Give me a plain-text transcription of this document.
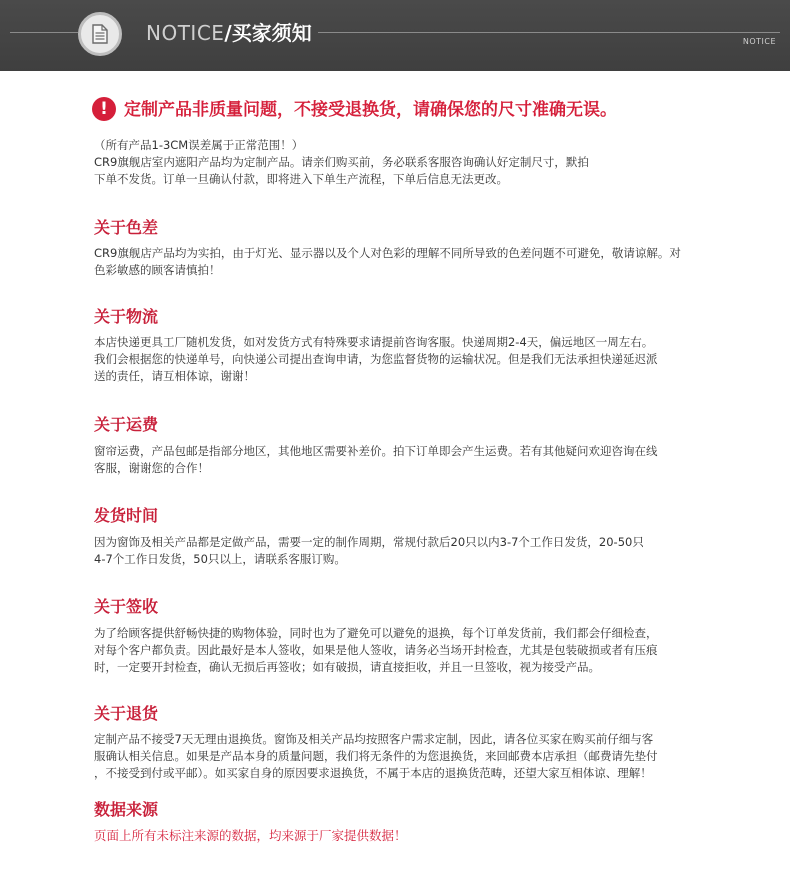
NOTICE/买家须知	NOTICE
! 定制产品非质量问题，不接受退换货，请确保您的尺寸准确无误。
（所有产品1-3CM误差属于正常范围！）
CR9旗舰店室内遮阳产品均为定制产品。请亲们购买前，务必联系客服咨询确认好定制尺寸，默拍
下单不发货。订单一旦确认付款，即将进入下单生产流程，下单后信息无法更改。
关于色差
CR9旗舰店产品均为实拍，由于灯光、显示器以及个人对色彩的理解不同所导致的色差问题不可避免，敬请谅解。对
色彩敏感的顾客请慎拍！
关于物流
本店快递更具工厂随机发货，如对发货方式有特殊要求请提前咨询客服。快递周期2-4天，偏远地区一周左右。
我们会根据您的快递单号，向快递公司提出查询申请，为您监督货物的运输状况。但是我们无法承担快递延迟派
送的责任，请互相体谅，谢谢！
关于运费
窗帘运费，产品包邮是指部分地区，其他地区需要补差价。拍下订单即会产生运费。若有其他疑问欢迎咨询在线
客服，谢谢您的合作！
发货时间
因为窗饰及相关产品都是定做产品，需要一定的制作周期，常规付款后20只以内3-7个工作日发货，20-50只
4-7个工作日发货，50只以上，请联系客服订购。
关于签收
为了给顾客提供舒畅快捷的购物体验，同时也为了避免可以避免的退换，每个订单发货前，我们都会仔细检查，
对每个客户都负责。因此最好是本人签收，如果是他人签收，请务必当场开封检查，尤其是包装破损或者有压痕
时，一定要开封检查，确认无损后再签收；如有破损，请直接拒收，并且一旦签收，视为接受产品。
关于退货
定制产品不接受7天无理由退换货。窗饰及相关产品均按照客户需求定制，因此，请各位买家在购买前仔细与客
服确认相关信息。如果是产品本身的质量问题，我们将无条件的为您退换货，来回邮费本店承担（邮费请先垫付
，不接受到付或平邮）。如买家自身的原因要求退换货，不属于本店的退换货范畴，还望大家互相体谅、理解！
数据来源
页面上所有未标注来源的数据，均来源于厂家提供数据！
